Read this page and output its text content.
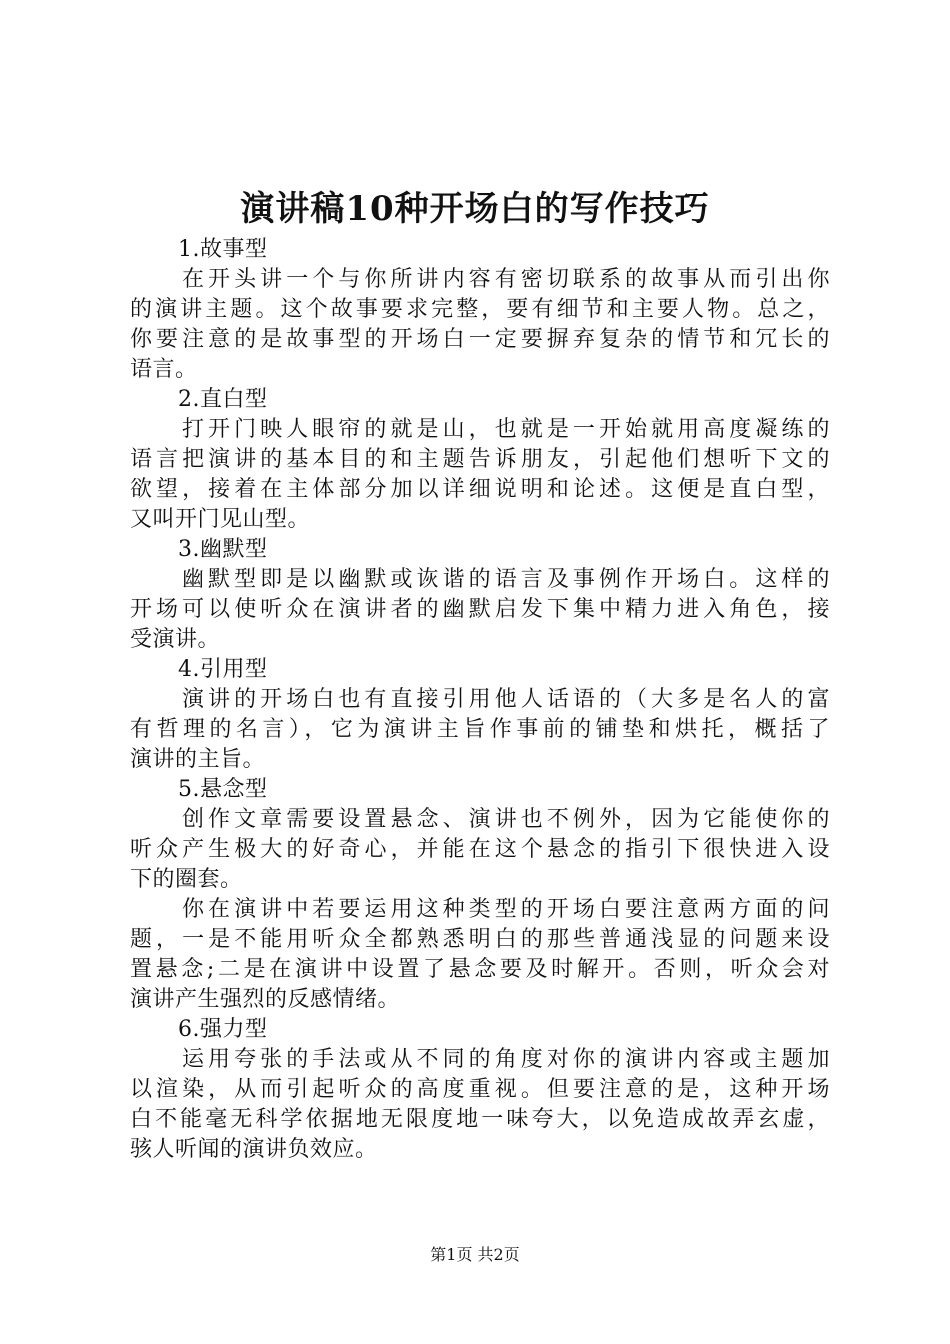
演讲稿10种开场白的写作技巧
1.故事型
在开头讲一个与你所讲内容有密切联系的故事从而引出你
的演讲主题。这个故事要求完整，要有细节和主要人物。总之，
你要注意的是故事型的开场白一定要摒弃复杂的情节和冗长的
语言。
2.直白型
打开门映人眼帘的就是山，也就是一开始就用高度凝练的
语言把演讲的基本目的和主题告诉朋友，引起他们想听下文的
欲望，接着在主体部分加以详细说明和论述。这便是直白型，
又叫开门见山型。
3.幽默型
幽默型即是以幽默或诙谐的语言及事例作开场白。这样的
开场可以使听众在演讲者的幽默启发下集中精力进入角色，接
受演讲。
4.引用型
演讲的开场白也有直接引用他人话语的（大多是名人的富
有哲理的名言），它为演讲主旨作事前的铺垫和烘托，概括了
演讲的主旨。
5.悬念型
创作文章需要设置悬念、演讲也不例外，因为它能使你的
听众产生极大的好奇心，并能在这个悬念的指引下很快进入设
下的圈套。
你在演讲中若要运用这种类型的开场白要注意两方面的问
题，一是不能用听众全都熟悉明白的那些普通浅显的问题来设
置悬念;二是在演讲中设置了悬念要及时解开。否则，听众会对
演讲产生强烈的反感情绪。
6.强力型
运用夸张的手法或从不同的角度对你的演讲内容或主题加
以渲染，从而引起听众的高度重视。但要注意的是，这种开场
白不能毫无科学依据地无限度地一味夸大，以免造成故弄玄虚，
骇人听闻的演讲负效应。
第1页 共2页
